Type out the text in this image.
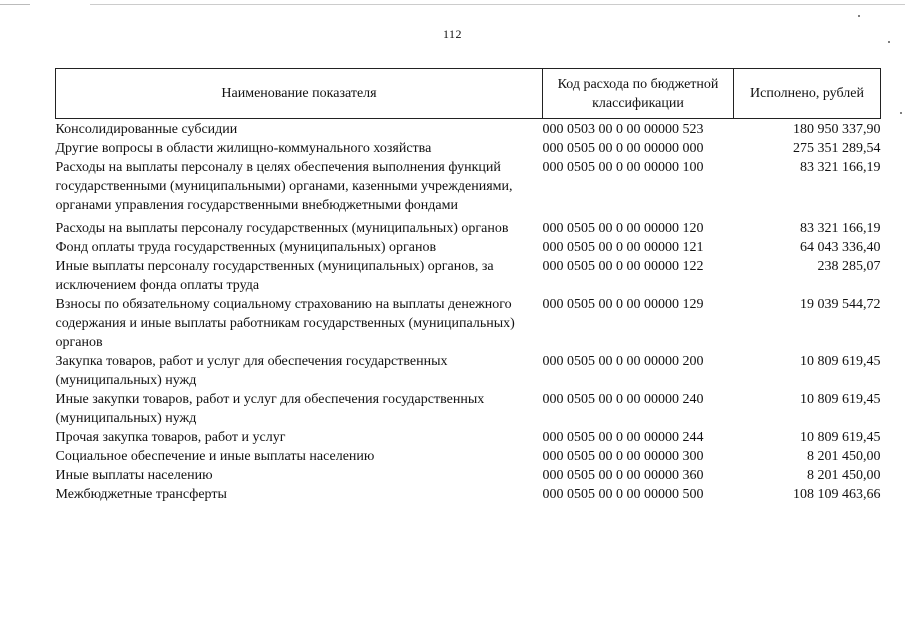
112
Наименование показателя	Код расхода по бюджетной классификации	Исполнено, рублей
Консолидированные субсидии	000 0503 00 0 00 00000 523	180 950 337,90
Другие вопросы в области жилищно-коммунального хозяйства	000 0505 00 0 00 00000 000	275 351 289,54
Расходы на выплаты персоналу в целях обеспечения выполнения функций государственными (муниципальными) органами, казенными учреждениями, органами управления государственными внебюджетными фондами	000 0505 00 0 00 00000 100	83 321 166,19
Расходы на выплаты персоналу государственных (муниципальных) органов	000 0505 00 0 00 00000 120	83 321 166,19
Фонд оплаты труда государственных (муниципальных) органов	000 0505 00 0 00 00000 121	64 043 336,40
Иные выплаты персоналу государственных (муниципальных) органов, за исключением фонда оплаты труда	000 0505 00 0 00 00000 122	238 285,07
Взносы по обязательному социальному страхованию на выплаты денежного содержания и иные выплаты работникам государственных (муниципальных) органов	000 0505 00 0 00 00000 129	19 039 544,72
Закупка товаров, работ и услуг для обеспечения государственных (муниципальных) нужд	000 0505 00 0 00 00000 200	10 809 619,45
Иные закупки товаров, работ и услуг для обеспечения государственных (муниципальных) нужд	000 0505 00 0 00 00000 240	10 809 619,45
Прочая закупка товаров, работ и услуг	000 0505 00 0 00 00000 244	10 809 619,45
Социальное обеспечение и иные выплаты населению	000 0505 00 0 00 00000 300	8 201 450,00
Иные выплаты населению	000 0505 00 0 00 00000 360	8 201 450,00
Межбюджетные трансферты	000 0505 00 0 00 00000 500	108 109 463,66
